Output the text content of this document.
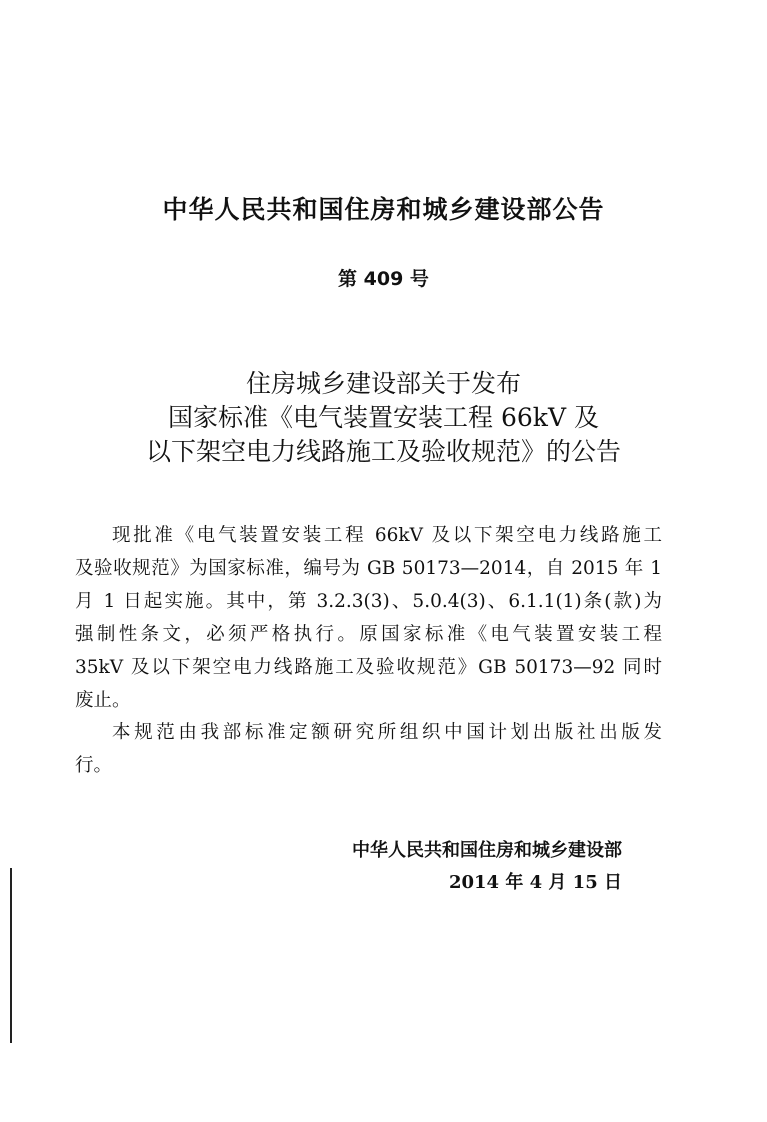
中华人民共和国住房和城乡建设部公告
第 409 号
住房城乡建设部关于发布
国家标准《电气装置安装工程 66kV 及
以下架空电力线路施工及验收规范》的公告
现批准《电气装置安装工程 66kV 及以下架空电力线路施工
及验收规范》为国家标准，编号为 GB 50173—2014，自 2015 年 1
月 1 日起实施。其中，第 3.2.3(3)、5.0.4(3)、6.1.1(1)条(款)为
强制性条文，必须严格执行。原国家标准《电气装置安装工程
35kV 及以下架空电力线路施工及验收规范》GB 50173—92 同时
废止。
本规范由我部标准定额研究所组织中国计划出版社出版发
行。
中华人民共和国住房和城乡建设部
2014 年 4 月 15 日
